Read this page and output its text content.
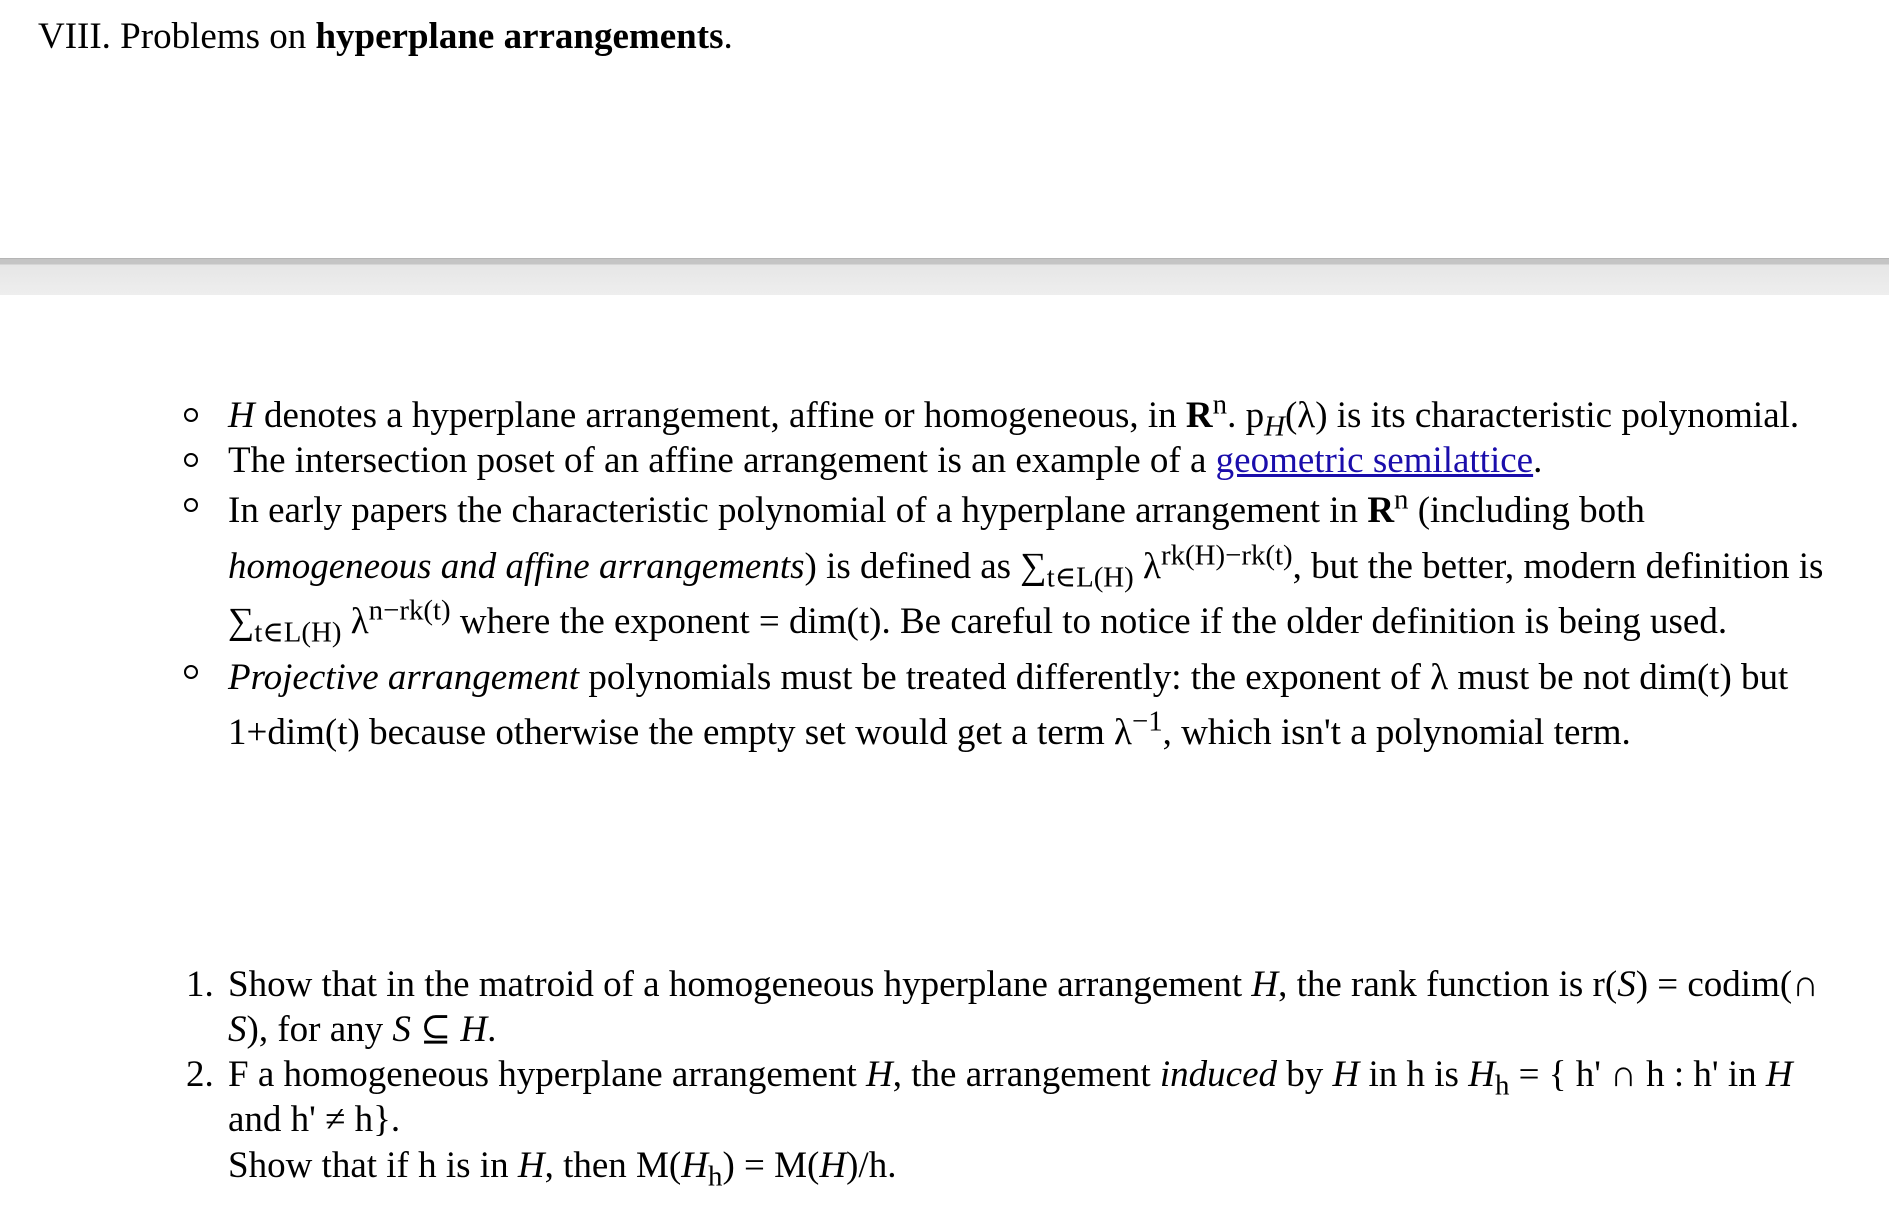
VIII. Problems on hyperplane arrangements.
H denotes a hyperplane arrangement, affine or homogeneous, in $R^n$. $p_H(\lambda)$ is its characteristic polynomial.
The intersection poset of an affine arrangement is an example of a geometric semilattice.
In early papers the characteristic polynomial of a hyperplane arrangement in $R^n$ (including both homogeneous and affine arrangements) is defined as $\sum_{t\in L(H)}$ $\lambda^{rk(H)-rk(t)}$, but the better, modern definition is $\sum_{t\in L(H)}$ $\lambda^{n-rk(t)}$ where the exponent = dim(t). Be careful to notice if the older definition is being used.
Projective arrangement polynomials must be treated differently: the exponent of λ must be not dim(t) but 1+dim(t) because otherwise the empty set would get a term $\lambda^{-1}$, which isn't a polynomial term.
1. Show that in the matroid of a homogeneous hyperplane arrangement H, the rank function is r(S) = codim(∩ S), for any S ⊆ H.
2. F a homogeneous hyperplane arrangement H, the arrangement induced by H in h is $H_h$ = { h' ∩ h : h' in H and h' ≠ h}.
Show that if h is in H, then $M(H_h) = M(H)/h$.
